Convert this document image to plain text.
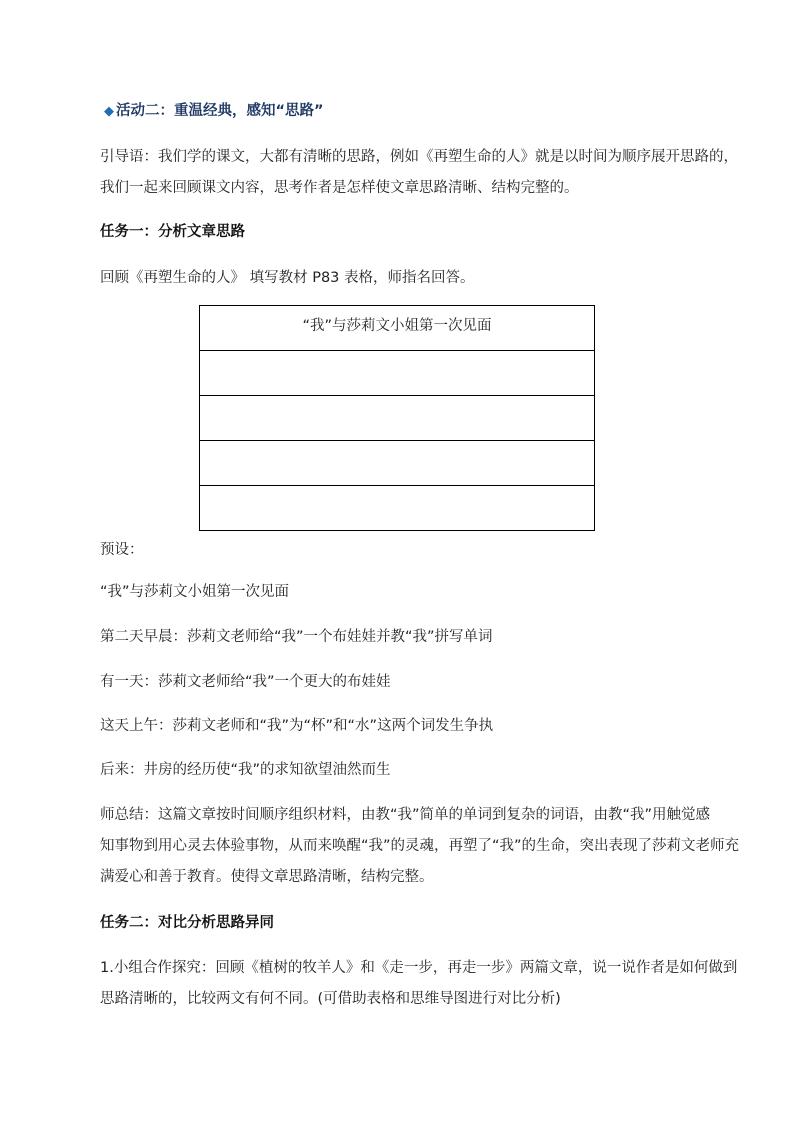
◆ 活动二：重温经典，感知“思路”
引导语：我们学的课文，大都有清晰的思路，例如《再塑生命的人》就是以时间为顺序展开思路的，
我们一起来回顾课文内容，思考作者是怎样使文章思路清晰、结构完整的。
任务一：分析文章思路
回顾《再塑生命的人》 填写教材 P83 表格，师指名回答。
“我”与莎莉文小姐第一次见面

预设：
“我”与莎莉文小姐第一次见面
第二天早晨：莎莉文老师给“我”一个布娃娃并教“我”拼写单词
有一天：莎莉文老师给“我”一个更大的布娃娃
这天上午：莎莉文老师和“我”为“杯”和“水”这两个词发生争执
后来：井房的经历使“我”的求知欲望油然而生
师总结：这篇文章按时间顺序组织材料，由教“我”简单的单词到复杂的词语，由教“我”用触觉感
知事物到用心灵去体验事物，从而来唤醒“我”的灵魂，再塑了“我”的生命，突出表现了莎莉文老师充
满爱心和善于教育。使得文章思路清晰，结构完整。
任务二：对比分析思路异同
1.小组合作探究：回顾《植树的牧羊人》和《走一步，再走一步》两篇文章，说一说作者是如何做到
思路清晰的，比较两文有何不同。(可借助表格和思维导图进行对比分析)
